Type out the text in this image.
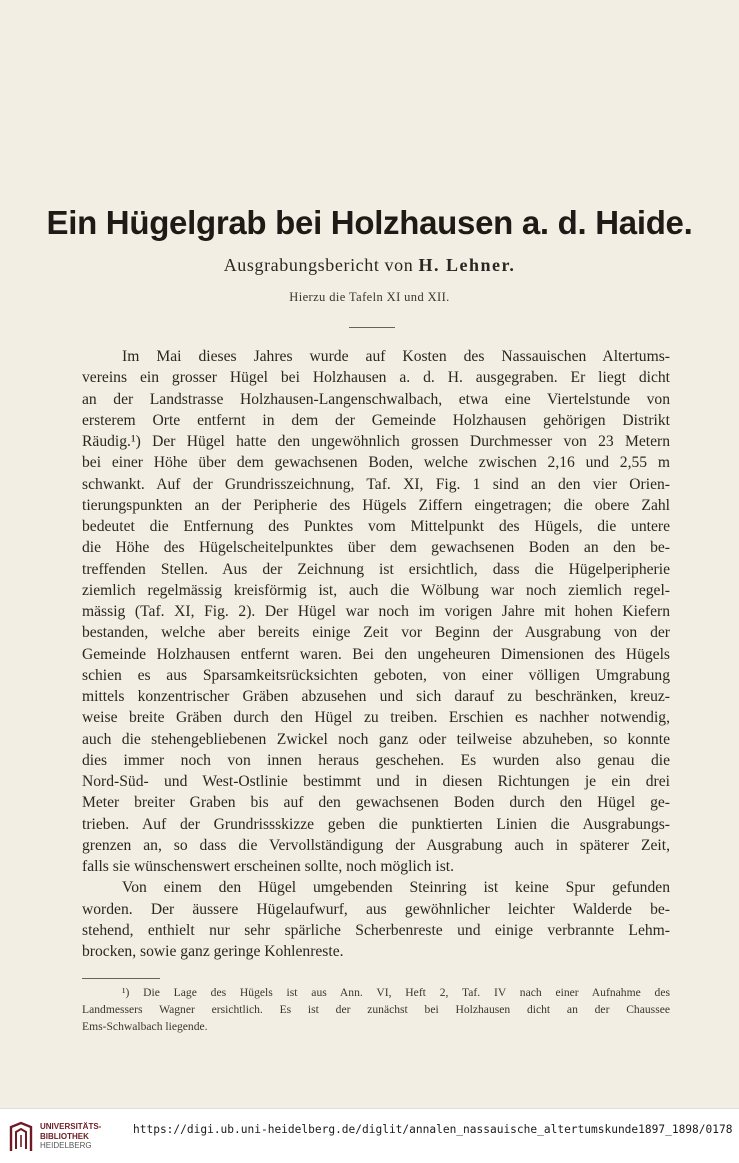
Ein Hügelgrab bei Holzhausen a. d. Haide.
Ausgrabungsbericht von H. Lehner.
Hierzu die Tafeln XI und XII.
Im Mai dieses Jahres wurde auf Kosten des Nassauischen Altertums-
vereins ein grosser Hügel bei Holzhausen a. d. H. ausgegraben. Er liegt dicht
an der Landstrasse Holzhausen-Langenschwalbach, etwa eine Viertelstunde von
ersterem Orte entfernt in dem der Gemeinde Holzhausen gehörigen Distrikt
Räudig.¹) Der Hügel hatte den ungewöhnlich grossen Durchmesser von 23 Metern
bei einer Höhe über dem gewachsenen Boden, welche zwischen 2,16 und 2,55 m
schwankt. Auf der Grundrisszeichnung, Taf. XI, Fig. 1 sind an den vier Orien-
tierungspunkten an der Peripherie des Hügels Ziffern eingetragen; die obere Zahl
bedeutet die Entfernung des Punktes vom Mittelpunkt des Hügels, die untere
die Höhe des Hügelscheitelpunktes über dem gewachsenen Boden an den be-
treffenden Stellen. Aus der Zeichnung ist ersichtlich, dass die Hügelperipherie
ziemlich regelmässig kreisförmig ist, auch die Wölbung war noch ziemlich regel-
mässig (Taf. XI, Fig. 2). Der Hügel war noch im vorigen Jahre mit hohen Kiefern
bestanden, welche aber bereits einige Zeit vor Beginn der Ausgrabung von der
Gemeinde Holzhausen entfernt waren. Bei den ungeheuren Dimensionen des Hügels
schien es aus Sparsamkeitsrücksichten geboten, von einer völligen Umgrabung
mittels konzentrischer Gräben abzusehen und sich darauf zu beschränken, kreuz-
weise breite Gräben durch den Hügel zu treiben. Erschien es nachher notwendig,
auch die stehengebliebenen Zwickel noch ganz oder teilweise abzuheben, so konnte
dies immer noch von innen heraus geschehen. Es wurden also genau die
Nord-Süd- und West-Ostlinie bestimmt und in diesen Richtungen je ein drei
Meter breiter Graben bis auf den gewachsenen Boden durch den Hügel ge-
trieben. Auf der Grundrissskizze geben die punktierten Linien die Ausgrabungs-
grenzen an, so dass die Vervollständigung der Ausgrabung auch in späterer Zeit,
falls sie wünschenswert erscheinen sollte, noch möglich ist.
Von einem den Hügel umgebenden Steinring ist keine Spur gefunden
worden. Der äussere Hügelaufwurf, aus gewöhnlicher leichter Walderde be-
stehend, enthielt nur sehr spärliche Scherbenreste und einige verbrannte Lehm-
brocken, sowie ganz geringe Kohlenreste.
¹) Die Lage des Hügels ist aus Ann. VI, Heft 2, Taf. IV nach einer Aufnahme des
Landmessers Wagner ersichtlich. Es ist der zunächst bei Holzhausen dicht an der Chaussee
Ems-Schwalbach liegende.
UNIVERSITÄTS-
BIBLIOTHEK
HEIDELBERG
https://digi.ub.uni-heidelberg.de/diglit/annalen_nassauische_altertumskunde1897_1898/0178
